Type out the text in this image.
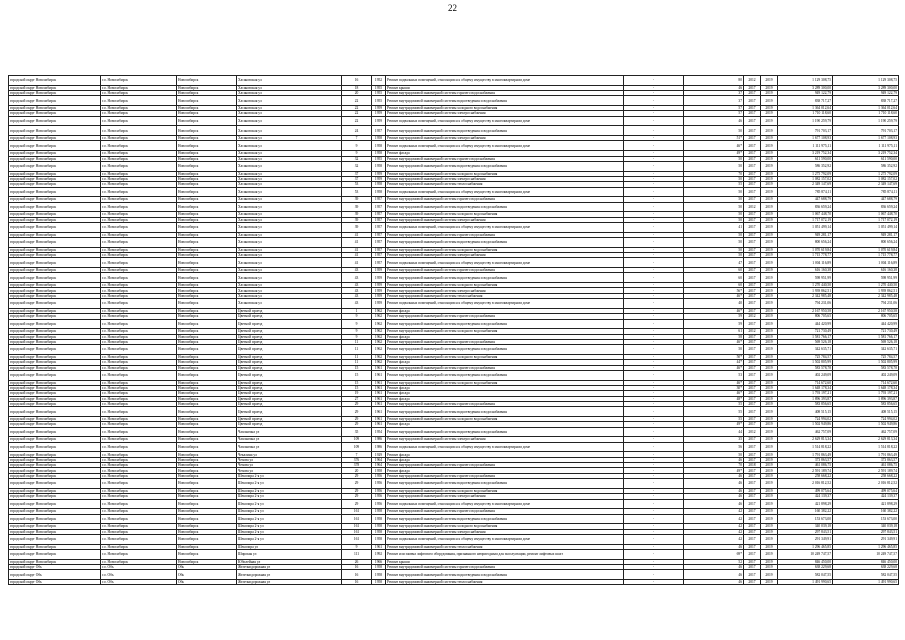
22
городской округ Новосибирск	г.о. Новосибирск	Новосибирск	Хасановская ул	16	1952	Ремонт подвальных помещений, относящихся к общему имуществу в многоквартирном доме	-	80	2012	2019	1 129 308,75	1 129 308,75
городской округ Новосибирск	г.о. Новосибирск	Новосибирск	Хасановская ул	18	1955	Ремонт крыши	-	46	2017	2019	3 289 300,00	3 289 300,00
городской округ Новосибирск	г.о. Новосибирск	Новосибирск	Хасановская ул	20	1955	Ремонт внутридомовой инженерной системы горячего водоснабжения	-	37	2017	2019	949 122,79	949 122,79
городской округ Новосибирск	г.о. Новосибирск	Новосибирск	Хасановская ул	22	1955	Ремонт внутридомовой инженерной системы водоотведения и водоснабжения	-	37	2017	2019	838 717,27	838 717,27
городской округ Новосибирск	г.о. Новосибирск	Новосибирск	Хасановская ул	22	1959	Ремонт внутридомовой инженерной системы холодного водоснабжения	-	57	2017	2019	1 364 012,64	1 364 012,64
городской округ Новосибирск	г.о. Новосибирск	Новосибирск	Хасановская ул	22	1959	Ремонт внутридомовой инженерной системы электроснабжения	-	57	2017	2019	1 710 118,60	1 710 118,60
городской округ Новосибирск	г.о. Новосибирск	Новосибирск	Хасановская ул	22	1959	Ремонт подвальных помещений, относящихся к общему имуществу в многоквартирном доме	-	46	2017	2019	1 190 259,79	1 190 259,79
городской округ Новосибирск	г.о. Новосибирск	Новосибирск	Хасановская ул	24	1957	Ремонт внутридомовой инженерной системы водоотведения и водоснабжения	-	50	2017	2019	791 703,17	791 703,17
городской округ Новосибирск	г.о. Новосибирск	Новосибирск	Хасановская ул	7	1958	Ремонт внутридомовой инженерной системы электроснабжения	-	51*	2017	2019	1 677 108,93	1 677 108,93
городской округ Новосибирск	г.о. Новосибирск	Новосибирск	Хасановская ул	9	1958	Ремонт подвальных помещений, относящихся к общему имуществу в многоквартирном доме	-	46*	2017	2019	1 111 975,11	1 111 975,11
городской округ Новосибирск	г.о. Новосибирск	Новосибирск	Хасановская ул	9	1958	Ремонт фасада	-	49*	2017	2019	3 219 752,34	3 219 752,34
городской округ Новосибирск	г.о. Новосибирск	Новосибирск	Хасановская ул	32	1955	Ремонт внутридомовой инженерной системы горячего водоснабжения	-	50	2017	2019	611 590,00	611 590,00
городской округ Новосибирск	г.о. Новосибирск	Новосибирск	Хасановская ул	32	1958	Ремонт внутридомовой инженерной системы водоотведения и водоснабжения	-	50	2017	2019	586 352,92	586 352,92
городской округ Новосибирск	г.о. Новосибирск	Новосибирск	Хасановская ул	37	1959	Ремонт внутридомовой инженерной системы холодного водоснабжения	-	70	2017	2019	1 275 792,09	1 275 792,09
городской округ Новосибирск	г.о. Новосибирск	Новосибирск	Хасановская ул	37	1959	Ремонт внутридомовой инженерной системы электроснабжения	-	50	2017	2019	1 082 157,02	1 082 157,02
городской округ Новосибирск	г.о. Новосибирск	Новосибирск	Хасановская ул	53	1958	Ремонт внутридомовой инженерной системы теплоснабжения	-	55	2017	2019	2 349 147,69	2 349 147,69
городской округ Новосибирск	г.о. Новосибирск	Новосибирск	Хасановская ул	53	1958	Ремонт подвальных помещений, относящихся к общему имуществу в многоквартирном доме	-	50	2017	2019	785 874,11	785 874,11
городской округ Новосибирск	г.о. Новосибирск	Новосибирск	Хасановская ул	39	1957	Ремонт внутридомовой инженерной системы горячего водоснабжения	-	50	2017	2019	447 688,79	447 688,79
городской округ Новосибирск	г.о. Новосибирск	Новосибирск	Хасановская ул	39	1957	Ремонт внутридомовой инженерной системы водоотведения и водоснабжения	-	50	2012	2019	836 659,24	836 659,24
городской округ Новосибирск	г.о. Новосибирск	Новосибирск	Хасановская ул	39	1957	Ремонт внутридомовой инженерной системы холодного водоснабжения	-	50	2017	2019	1 067 448,70	1 067 448,70
городской округ Новосибирск	г.о. Новосибирск	Новосибирск	Хасановская ул	39	1957	Ремонт внутридомовой инженерной системы электроснабжения	-	50	2017	2019	1 717 072,19	1 717 072,19
городской округ Новосибирск	г.о. Новосибирск	Новосибирск	Хасановская ул	39	1957	Ремонт подвальных помещений, относящихся к общему имуществу в многоквартирном доме	-	41	2017	2019	1 051 499,14	1 051 499,14
городской округ Новосибирск	г.о. Новосибирск	Новосибирск	Хасановская ул	41	1957	Ремонт внутридомовой инженерной системы горячего водоснабжения	-	50	2017	2019	949 281,17	949 281,17
городской округ Новосибирск	г.о. Новосибирск	Новосибирск	Хасановская ул	41	1957	Ремонт внутридомовой инженерной системы водоотведения и водоснабжения	-	50	2017	2019	800 656,24	800 656,24
городской округ Новосибирск	г.о. Новосибирск	Новосибирск	Хасановская ул	41	1957	Ремонт внутридомовой инженерной системы холодного водоснабжения	-	50	2017	2019	1 070 619,84	1 070 619,84
городской округ Новосибирск	г.о. Новосибирск	Новосибирск	Хасановская ул	41	1957	Ремонт внутридомовой инженерной системы электроснабжения	-	50	2017	2019	1 715 778,77	1 715 778,77
городской округ Новосибирск	г.о. Новосибирск	Новосибирск	Хасановская ул	41	1957	Ремонт подвальных помещений, относящихся к общему имуществу в многоквартирном доме	-	47	2017	2019	1 004 116,89	1 004 116,89
городской округ Новосибирск	г.о. Новосибирск	Новосибирск	Хасановская ул	43	1959	Ремонт внутридомовой инженерной системы горячего водоснабжения	-	60	2017	2019	616 160,38	616 160,38
городской округ Новосибирск	г.о. Новосибирск	Новосибирск	Хасановская ул	43	1959	Ремонт внутридомовой инженерной системы водоотведения и водоснабжения	-	60	2017	2019	598 951,99	598 951,99
городской округ Новосибирск	г.о. Новосибирск	Новосибирск	Хасановская ул	43	1959	Ремонт внутридомовой инженерной системы холодного водоснабжения	-	60	2017	2019	1 270 440,50	1 270 440,50
городской округ Новосибирск	г.о. Новосибирск	Новосибирск	Хасановская ул	43	1959	Ремонт внутридомовой инженерной системы электроснабжения	-	56*	2017	2019	1 939 862,51	1 939 862,51
городской округ Новосибирск	г.о. Новосибирск	Новосибирск	Хасановская ул	43	1959	Ремонт внутридомовой инженерной системы теплоснабжения	-	46*	2017	2019	2 342 985,48	2 342 985,48
городской округ Новосибирск	г.о. Новосибирск	Новосибирск	Хасановская ул	43	1959	Ремонт подвальных помещений, относящихся к общему имуществу в многоквартирном доме	-	40	2017	2019	794 231,06	794 231,06
городской округ Новосибирск	г.о. Новосибирск	Новосибирск	Цветной проезд	1	1962	Ремонт фасада	-	46*	2017	2019	2 167 950,58	2 167 950,58
городской округ Новосибирск	г.о. Новосибирск	Новосибирск	Цветной проезд	9	1962	Ремонт внутридомовой инженерной системы горячего водоснабжения	-	59	2012	2019	806 705,65	806 705,65
городской округ Новосибирск	г.о. Новосибирск	Новосибирск	Цветной проезд	9	1962	Ремонт внутридомовой инженерной системы водоотведения и водоснабжения	-	59	2017	2019	444 420,99	444 420,99
городской округ Новосибирск	г.о. Новосибирск	Новосибирск	Цветной проезд	9	1962	Ремонт внутридомовой инженерной системы холодного водоснабжения	-	61	2012	2019	721 730,49	721 730,49
городской округ Новосибирск	г.о. Новосибирск	Новосибирск	Цветной проезд	9	1962	Ремонт фасада	-	58	2017	2019	1 581 766,17	1 581 766,17
городской округ Новосибирск	г.о. Новосибирск	Новосибирск	Цветной проезд	11	1962	Ремонт внутридомовой инженерной системы горячего водоснабжения	-	46*	2017	2019	569 526,18	569 526,18
городской округ Новосибирск	г.о. Новосибирск	Новосибирск	Цветной проезд	11	1962	Ремонт внутридомовой инженерной системы водоотведения и водоснабжения	-	50	2017	2019	342 635,71	342 635,71
городской округ Новосибирск	г.о. Новосибирск	Новосибирск	Цветной проезд	11	1962	Ремонт внутридомовой инженерной системы холодного водоснабжения	-	50*	2017	2019	725 784,57	725 784,57
городской округ Новосибирск	г.о. Новосибирск	Новосибирск	Цветной проезд	11	1962	Ремонт фасада	-	44*	2017	2019	1 502 805,99	1 502 805,99
городской округ Новосибирск	г.о. Новосибирск	Новосибирск	Цветной проезд	15	1961	Ремонт внутридомовой инженерной системы горячего водоснабжения	-	46*	2017	2019	583 578,78	583 578,78
городской округ Новосибирск	г.о. Новосибирск	Новосибирск	Цветной проезд	15	1961	Ремонт внутридомовой инженерной системы водоотведения и водоснабжения	-	53	2017	2019	402 249,09	402 249,09
городской округ Новосибирск	г.о. Новосибирск	Новосибирск	Цветной проезд	15	1961	Ремонт внутридомовой инженерной системы холодного водоснабжения	-	46*	2017	2019	714 672,60	714 672,60
городской округ Новосибирск	г.о. Новосибирск	Новосибирск	Цветной проезд	15	1961	Ремонт фасада	-	30*	2017	2019	1 648 178,34	1 648 178,34
городской округ Новосибирск	г.о. Новосибирск	Новосибирск	Цветной проезд	19	1961	Ремонт фасада	-	46*	2017	2019	1 793 197,21	1 793 197,21
городской округ Новосибирск	г.о. Новосибирск	Новосибирск	Цветной проезд	27	1961	Ремонт фасада	-	48*	2017	2019	1 896 393,87	1 896 393,87
городской округ Новосибирск	г.о. Новосибирск	Новосибирск	Цветной проезд	29	1961	Ремонт внутридомовой инженерной системы горячего водоснабжения	-	55	2017	2019	583 856,65	583 856,65
городской округ Новосибирск	г.о. Новосибирск	Новосибирск	Цветной проезд	29	1961	Ремонт внутридомовой инженерной системы водоотведения и водоснабжения	-	55	2017	2019	408 515,15	408 515,15
городской округ Новосибирск	г.о. Новосибирск	Новосибирск	Цветной проезд	29	1961	Ремонт внутридомовой инженерной системы холодного водоснабжения	-	55	2017	2019	724 994,02	724 994,02
городской округ Новосибирск	г.о. Новосибирск	Новосибирск	Цветной проезд	29	1961	Ремонт фасада	-	49*	2017	2019	1 502 949,86	1 502 949,86
городской округ Новосибирск	г.о. Новосибирск	Новосибирск	Чаплыгина ул	35	1954	Ремонт внутридомовой инженерной системы водоотведения и водоснабжения	-	44	2012	2019	462 757,09	462 757,09
городской округ Новосибирск	г.о. Новосибирск	Новосибирск	Чаплыгина ул	109	1986	Ремонт внутридомовой инженерной системы электроснабжения	-	35	2017	2019	2 629 813,34	2 629 813,34
городской округ Новосибирск	г.о. Новосибирск	Новосибирск	Чаплыгина ул	109	1986	Ремонт подвальных помещений, относящихся к общему имуществу в многоквартирном доме	-	56	2017	2019	1 514 818,22	1 514 818,22
городской округ Новосибирск	г.о. Новосибирск	Новосибирск	Чекалина ул	7	1929	Ремонт фасада	-	50	2017	2019	1 791 863,49	1 791 863,49
городской округ Новосибирск	г.о. Новосибирск	Новосибирск	Чехова ул	376	1964	Ремонт фасада	-	46	2017	2019	373 863,57	373 863,57
городской округ Новосибирск	г.о. Новосибирск	Новосибирск	Чехова ул	378	1964	Ремонт внутридомовой инженерной системы горячего водоснабжения	-	70	2018	2019	461 086,75	461 086,75
городской округ Новосибирск	г.о. Новосибирск	Новосибирск	Чехова ул	20	1958	Ремонт фасада	-	49*	2017	2019	2 591 189,74	2 591 189,74
городской округ Новосибирск	г.о. Новосибирск	Новосибирск	Шекспира 2-я ул	29	1956	Ремонт внутридомовой инженерной системы горячего водоснабжения	-	46	2017	2019	258 668,22	258 668,22
городской округ Новосибирск	г.о. Новосибирск	Новосибирск	Шекспира 2-я ул	29	1956	Ремонт внутридомовой инженерной системы водоотведения и водоснабжения	-	46	2017	2019	2 016 812,52	2 016 812,52
городской округ Новосибирск	г.о. Новосибирск	Новосибирск	Шекспира 2-я ул	29	1956	Ремонт внутридомовой инженерной системы холодного водоснабжения	-	46	2017	2019	499 075,64	499 075,64
городской округ Новосибирск	г.о. Новосибирск	Новосибирск	Шекспира 2-я ул	29	1956	Ремонт внутридомовой инженерной системы электроснабжения	-	46	2017	2019	424 139,37	424 139,37
городской округ Новосибирск	г.о. Новосибирск	Новосибирск	Шекспира 2-я ул	29	1956	Ремонт подвальных помещений, относящихся к общему имуществу в многоквартирном доме	-	46	2017	2019	421 898,29	421 898,29
городской округ Новосибирск	г.о. Новосибирск	Новосибирск	Шекспира 2-я ул	161	1958	Ремонт внутридомовой инженерной системы горячего водоснабжения	-	42	2017	2019	160 382,22	160 382,22
городской округ Новосибирск	г.о. Новосибирск	Новосибирск	Шекспира 2-я ул	161	1958	Ремонт внутридомовой инженерной системы водоотведения и водоснабжения	-	42	2017	2019	153 673,00	153 673,00
городской округ Новосибирск	г.о. Новосибирск	Новосибирск	Шекспира 2-я ул	161	1958	Ремонт внутридомовой инженерной системы холодного водоснабжения	-	42	2017	2019	340 039,18	340 039,18
городской округ Новосибирск	г.о. Новосибирск	Новосибирск	Шекспира 2-я ул	161	1958	Ремонт внутридомовой инженерной системы электроснабжения	-	42	2017	2019	297 843,51	297 843,51
городской округ Новосибирск	г.о. Новосибирск	Новосибирск	Шекспира 2-я ул	161	1958	Ремонт подвальных помещений, относящихся к общему имуществу в многоквартирном доме	-	42	2017	2019	291 349,91	291 349,91
городской округ Новосибирск	г.о. Новосибирск	Новосибирск	Шекспира ул	9	1961	Ремонт внутридомовой инженерной системы теплоснабжения	-	46	2017	2019	1 296 465,85	1 296 465,85
городской округ Новосибирск	г.о. Новосибирск	Новосибирск	Широкая ул	111	1992	Ремонт или замена лифтового оборудования, признанного непригодным для эксплуатации, ремонт лифтовых шахт	-	69*	2017	2019	10 249 747,57	10 249 747,57
городской округ Новосибирск	г.о. Новосибирск	Новосибирск	Юбилейная ул	26	1966	Ремонт крыши	-	52	2017	2019	846 450,00	846 450,00
городской округ Обь	г.о. Обь	Обь	Железнодорожная ул	16	1958	Ремонт внутридомовой инженерной системы горячего водоснабжения	-	46	2017	2019	638 229,68	638 229,68
городской округ Обь	г.о. Обь	Обь	Железнодорожная ул	16	1958	Ремонт внутридомовой инженерной системы водоотведения и водоснабжения	-	46	2017	2019	582 047,55	582 047,55
городской округ Обь	г.о. Обь	Обь	Железнодорожная ул	16	1958	Ремонт внутридомовой инженерной системы теплоснабжения	-	46	2017	2019	1 491 990,65	1 491 990,65
